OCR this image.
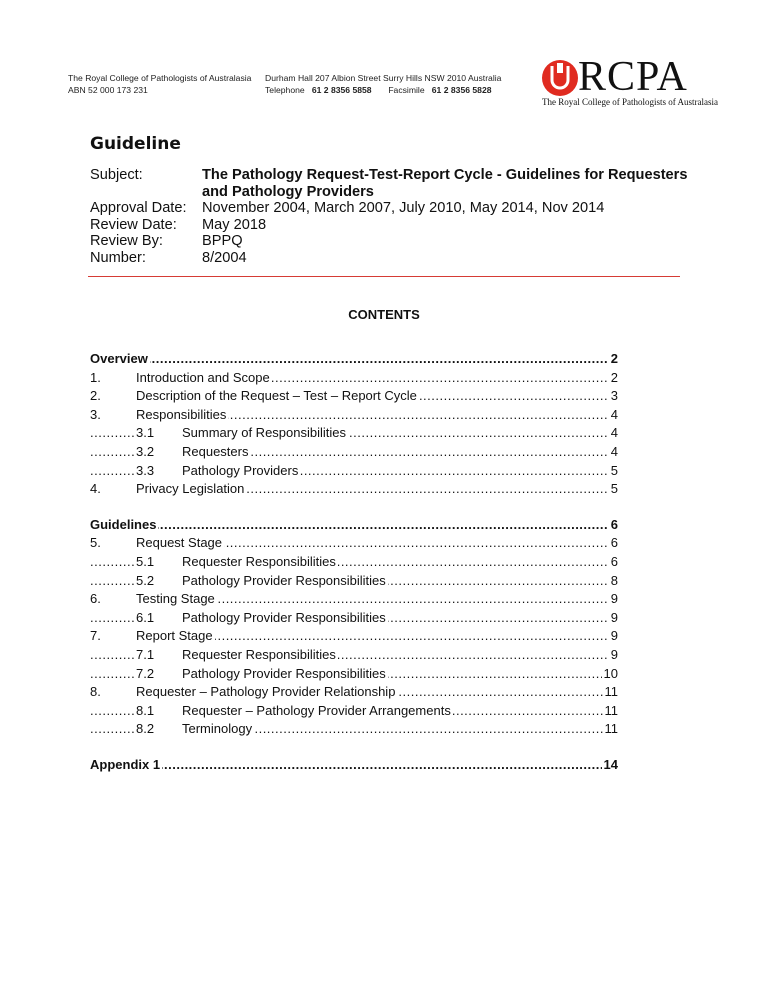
The Royal College of Pathologists of Australasia
ABN 52 000 173 231
Durham Hall 207 Albion Street Surry Hills NSW 2010 Australia
Telephone 61 2 8356 5858 Facsimile 61 2 8356 5828 RCPA
The Royal College of Pathologists of Australasia
Guideline
Subject:	The Pathology Request-Test-Report Cycle - Guidelines for Requesters and Pathology Providers
Approval Date:	November 2004, March 2007, July 2010, May 2014, Nov 2014
Review Date:	May 2018
Review By:	BPPQ
Number:	8/2004
CONTENTS
.....
Overview	2
.....
1.	Introduction and Scope	2
.....
2.	Description of the Request – Test – Report Cycle	3
.....
3.	Responsibilities	4
.....
3.1 Summary of Responsibilities	4
.....
3.2 Requesters	4
.....
3.3 Pathology Providers	5
.....
4.	Privacy Legislation	5
.....
Guidelines	6
.....
5.	Request Stage	6
.....
5.1 Requester Responsibilities	6
.....
5.2 Pathology Provider Responsibilities	8
.....
6.	Testing Stage	9
.....
6.1 Pathology Provider Responsibilities	9
.....
7.	Report Stage	9
.....
7.1 Requester Responsibilities	9
.....
7.2 Pathology Provider Responsibilities	10
.....
8.	Requester – Pathology Provider Relationship	11
.....
8.1 Requester – Pathology Provider Arrangements	11
.....
8.2 Terminology	11
.....
Appendix 1	14
